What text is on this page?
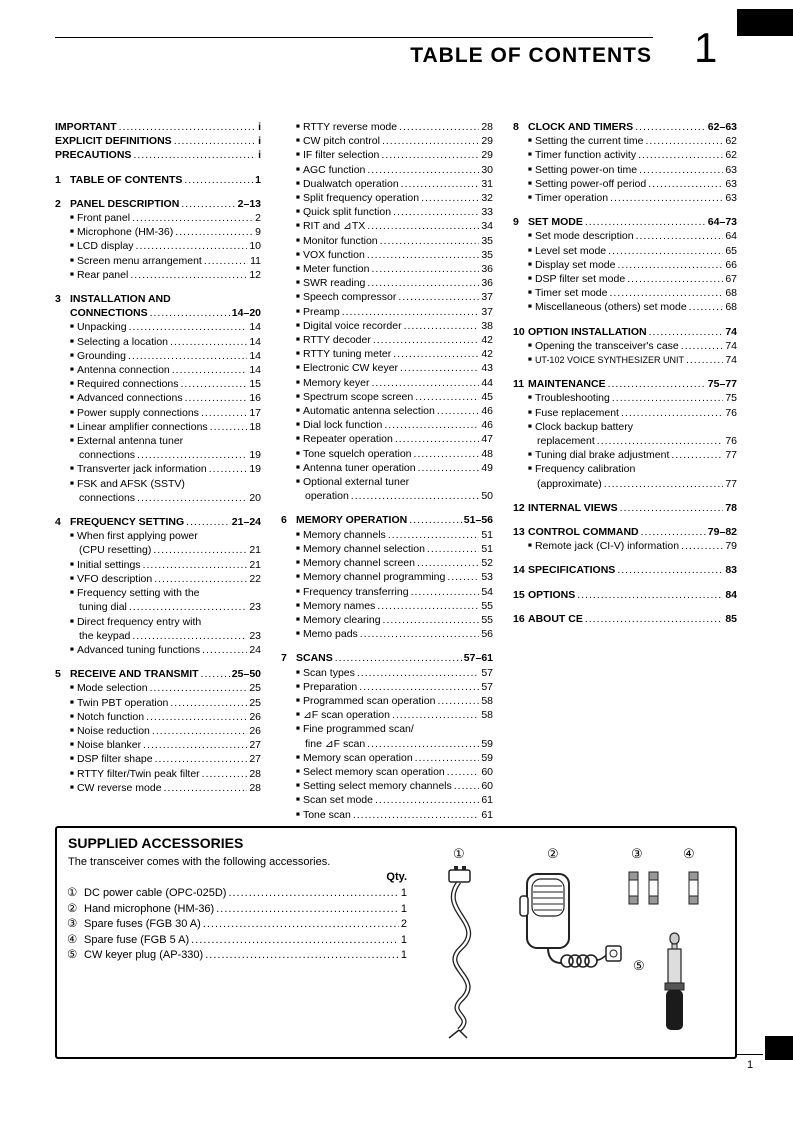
TABLE OF CONTENTS 1
IMPORTANT .....	i
EXPLICIT DEFINITIONS .....	i
PRECAUTIONS .....	i
1 TABLE OF CONTENTS .....	1
2 PANEL DESCRIPTION .....	2–13
■ Front panel .....	2
■ Microphone (HM-36) .....	9
■ LCD display .....	10
■ Screen menu arrangement .....	11
■ Rear panel .....	12
3 INSTALLATION AND
CONNECTIONS .....	14–20
■ Unpacking .....	14
■ Selecting a location .....	14
■ Grounding .....	14
■ Antenna connection .....	14
■ Required connections .....	15
■ Advanced connections .....	16
■ Power supply connections .....	17
■ Linear amplifier connections .....	18
■ External antenna tuner
connections .....	19
■ Transverter jack information .....	19
■ FSK and AFSK (SSTV)
connections .....	20
4 FREQUENCY SETTING .....	21–24
■ When first applying power
(CPU resetting) .....	21
■ Initial settings .....	21
■ VFO description .....	22
■ Frequency setting with the
tuning dial .....	23
■ Direct frequency entry with
the keypad .....	23
■ Advanced tuning functions .....	24
5 RECEIVE AND TRANSMIT .....	25–50
■ Mode selection .....	25
■ Twin PBT operation .....	25
■ Notch function .....	26
■ Noise reduction .....	26
■ Noise blanker .....	27
■ DSP filter shape .....	27
■ RTTY filter/Twin peak filter .....	28
■ CW reverse mode .....	28
■ RTTY reverse mode .....	28
■ CW pitch control .....	29
■ IF filter selection .....	29
■ AGC function .....	30
■ Dualwatch operation .....	31
■ Split frequency operation .....	32
■ Quick split function .....	33
■ RIT and ⊿TX .....	34
■ Monitor function .....	35
■ VOX function .....	35
■ Meter function .....	36
■ SWR reading .....	36
■ Speech compressor .....	37
■ Preamp .....	37
■ Digital voice recorder .....	38
■ RTTY decoder .....	42
■ RTTY tuning meter .....	42
■ Electronic CW keyer .....	43
■ Memory keyer .....	44
■ Spectrum scope screen .....	45
■ Automatic antenna selection .....	46
■ Dial lock function .....	46
■ Repeater operation .....	47
■ Tone squelch operation .....	48
■ Antenna tuner operation .....	49
■ Optional external tuner
operation .....	50
6 MEMORY OPERATION .....	51–56
■ Memory channels .....	51
■ Memory channel selection .....	51
■ Memory channel screen .....	52
■ Memory channel programming .....	53
■ Frequency transferring .....	54
■ Memory names .....	55
■ Memory clearing .....	55
■ Memo pads .....	56
7 SCANS .....	57–61
■ Scan types .....	57
■ Preparation .....	57
■ Programmed scan operation .....	58
■ ⊿F scan operation .....	58
■ Fine programmed scan/
fine ⊿F scan .....	59
■ Memory scan operation .....	59
■ Select memory scan operation .....	60
■ Setting select memory channels .....	60
■ Scan set mode .....	61
■ Tone scan .....	61
8 CLOCK AND TIMERS .....	62–63
■ Setting the current time .....	62
■ Timer function activity .....	62
■ Setting power-on time .....	63
■ Setting power-off period .....	63
■ Timer operation .....	63
9 SET MODE .....	64–73
■ Set mode description .....	64
■ Level set mode .....	65
■ Display set mode .....	66
■ DSP filter set mode .....	67
■ Timer set mode .....	68
■ Miscellaneous (others) set mode .....	68
10 OPTION INSTALLATION .....	74
■ Opening the transceiver's case .....	74
■ UT-102 VOICE SYNTHESIZER UNIT .....	74
11 MAINTENANCE .....	75–77
■ Troubleshooting .....	75
■ Fuse replacement .....	76
■ Clock backup battery
replacement .....	76
■ Tuning dial brake adjustment .....	77
■ Frequency calibration
(approximate) .....	77
12 INTERNAL VIEWS .....	78
13 CONTROL COMMAND .....	79–82
■ Remote jack (CI-V) information .....	79
14 SPECIFICATIONS .....	83
15 OPTIONS .....	84
16 ABOUT CE .....	85
SUPPLIED ACCESSORIES
The transceiver comes with the following accessories.
Qty.
① DC power cable (OPC-025D) .....	1
② Hand microphone (HM-36) .....	1
③ Spare fuses (FGB 30 A) .....	2
④ Spare fuse (FGB 5 A) .....	1
⑤ CW keyer plug (AP-330) .....	1
①	②	③	④
⑤
1
